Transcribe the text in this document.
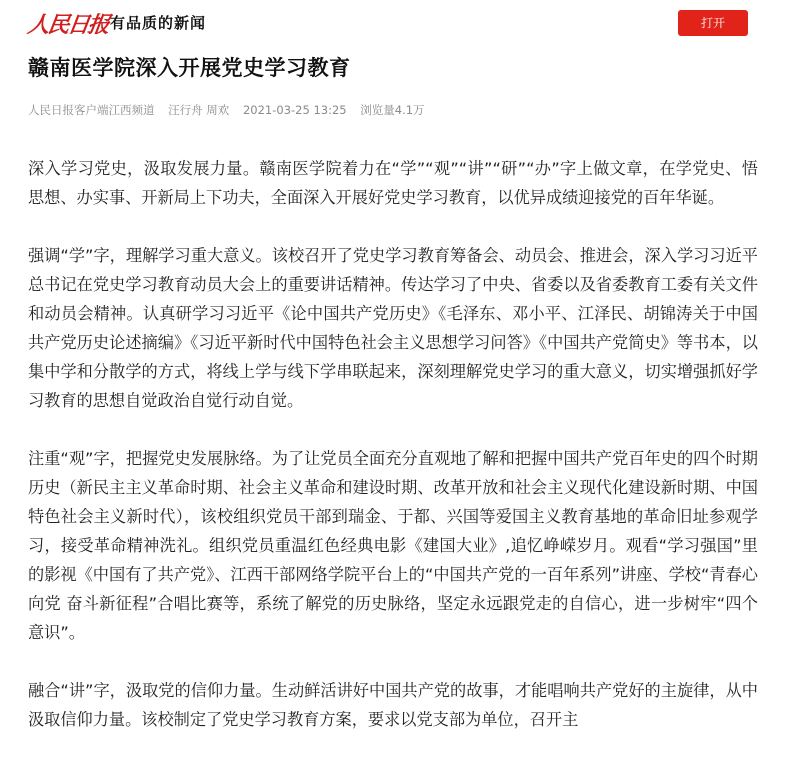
人民日报 有品质的新闻	打开
赣南医学院深入开展党史学习教育
人民日报客户端江西频道 汪行舟 周欢 2021-03-25 13:25 浏览量4.1万

深入学习党史，汲取发展力量。赣南医学院着力在“学”“观”“讲”“研”“办”字上做文章，在学党史、悟思想、办实事、开新局上下功夫，全面深入开展好党史学习教育，以优异成绩迎接党的百年华诞。

强调“学”字，理解学习重大意义。该校召开了党史学习教育筹备会、动员会、推进会，深入学习习近平总书记在党史学习教育动员大会上的重要讲话精神。传达学习了中央、省委以及省委教育工委有关文件和动员会精神。认真研学习习近平《论中国共产党历史》《毛泽东、邓小平、江泽民、胡锦涛关于中国共产党历史论述摘编》《习近平新时代中国特色社会主义思想学习问答》《中国共产党简史》等书本，以集中学和分散学的方式，将线上学与线下学串联起来，深刻理解党史学习的重大意义，切实增强抓好学习教育的思想自觉政治自觉行动自觉。

注重“观”字，把握党史发展脉络。为了让党员全面充分直观地了解和把握中国共产党百年史的四个时期历史（新民主主义革命时期、社会主义革命和建设时期、改革开放和社会主义现代化建设新时期、中国特色社会主义新时代），该校组织党员干部到瑞金、于都、兴国等爱国主义教育基地的革命旧址参观学习，接受革命精神洗礼。组织党员重温红色经典电影《建国大业》,追忆峥嵘岁月。观看“学习强国”里的影视《中国有了共产党》、江西干部网络学院平台上的“中国共产党的一百年系列”讲座、学校“青春心向党 奋斗新征程”合唱比赛等，系统了解党的历史脉络，坚定永远跟党走的自信心，进一步树牢“四个意识”。

融合“讲”字，汲取党的信仰力量。生动鲜活讲好中国共产党的故事，才能唱响共产党好的主旋律，从中汲取信仰力量。该校制定了党史学习教育方案，要求以党支部为单位，召开主
